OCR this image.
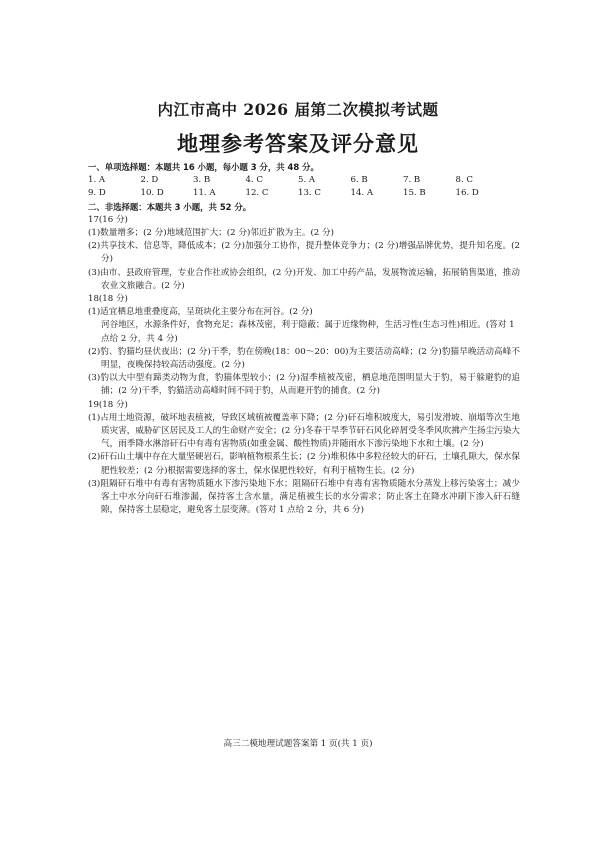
内江市高中 2026 届第二次模拟考试题
地理参考答案及评分意见
一、单项选择题：本题共 16 小题，每小题 3 分，共 48 分。
1. A	2. D	3. B	4. C	5. A	6. B	7. B	8. C
9. D	10. D	11. A	12. C	13. C	14. A	15. B	16. D
二、非选择题：本题共 3 小题，共 52 分。
17(16 分)
(1)数量增多；(2 分)地域范围扩大；(2 分)邻近扩散为主。(2 分)
(2)共享技术、信息等，降低成本；(2 分)加强分工协作，提升整体竞争力；(2 分)增强品牌优势，提升知名度。(2 分)
(3)由市、县政府管理，专业合作社或协会组织，(2 分)开发、加工中药产品，发展物流运输，拓展销售渠道，推动农业文旅融合。(2 分)
18(18 分)
(1)适宜栖息地重叠度高，呈斑块化主要分布在河谷。(2 分)
河谷地区，水源条件好，食物充足；森林茂密，利于隐蔽；属于近缘物种，生活习性(生态习性)相近。(答对 1 点给 2 分，共 4 分)
(2)豹、豹猫均昼伏夜出；(2 分)干季，豹在傍晚(18：00～20：00)为主要活动高峰；(2 分)豹猫早晚活动高峰不明显，夜晚保持较高活动强度。(2 分)
(3)豹以大中型有蹄类动物为食，豹猫体型较小；(2 分)湿季植被茂密，栖息地范围明显大于豹，易于躲避豹的追捕；(2 分)干季，豹猫活动高峰时间不同于豹，从而避开豹的捕食。(2 分)
19(18 分)
(1)占用土地资源，破坏地表植被，导致区域植被覆盖率下降；(2 分)矸石堆积坡度大，易引发滑坡、崩塌等次生地质灾害，威胁矿区居民及工人的生命财产安全；(2 分)冬春干旱季节矸石风化碎屑受冬季风吹拂产生扬尘污染大气，雨季降水淋溶矸石中有毒有害物质(如重金属、酸性物质)并随雨水下渗污染地下水和土壤。(2 分)
(2)矸石山土壤中存在大量坚硬岩石，影响植物根系生长；(2 分)堆积体中多粒径较大的矸石，土壤孔隙大，保水保肥性较差；(2 分)根据需要选择的客土，保水保肥性较好，有利于植物生长。(2 分)
(3)阻隔矸石堆中有毒有害物质随水下渗污染地下水；阻隔矸石堆中有毒有害物质随水分蒸发上移污染客土；减少客土中水分向矸石堆渗漏，保持客土含水量，满足植被生长的水分需求；防止客土在降水冲刷下渗入矸石缝隙，保持客土层稳定，避免客土层变薄。(答对 1 点给 2 分，共 6 分)
高三二模地理试题答案第 1 页(共 1 页)
